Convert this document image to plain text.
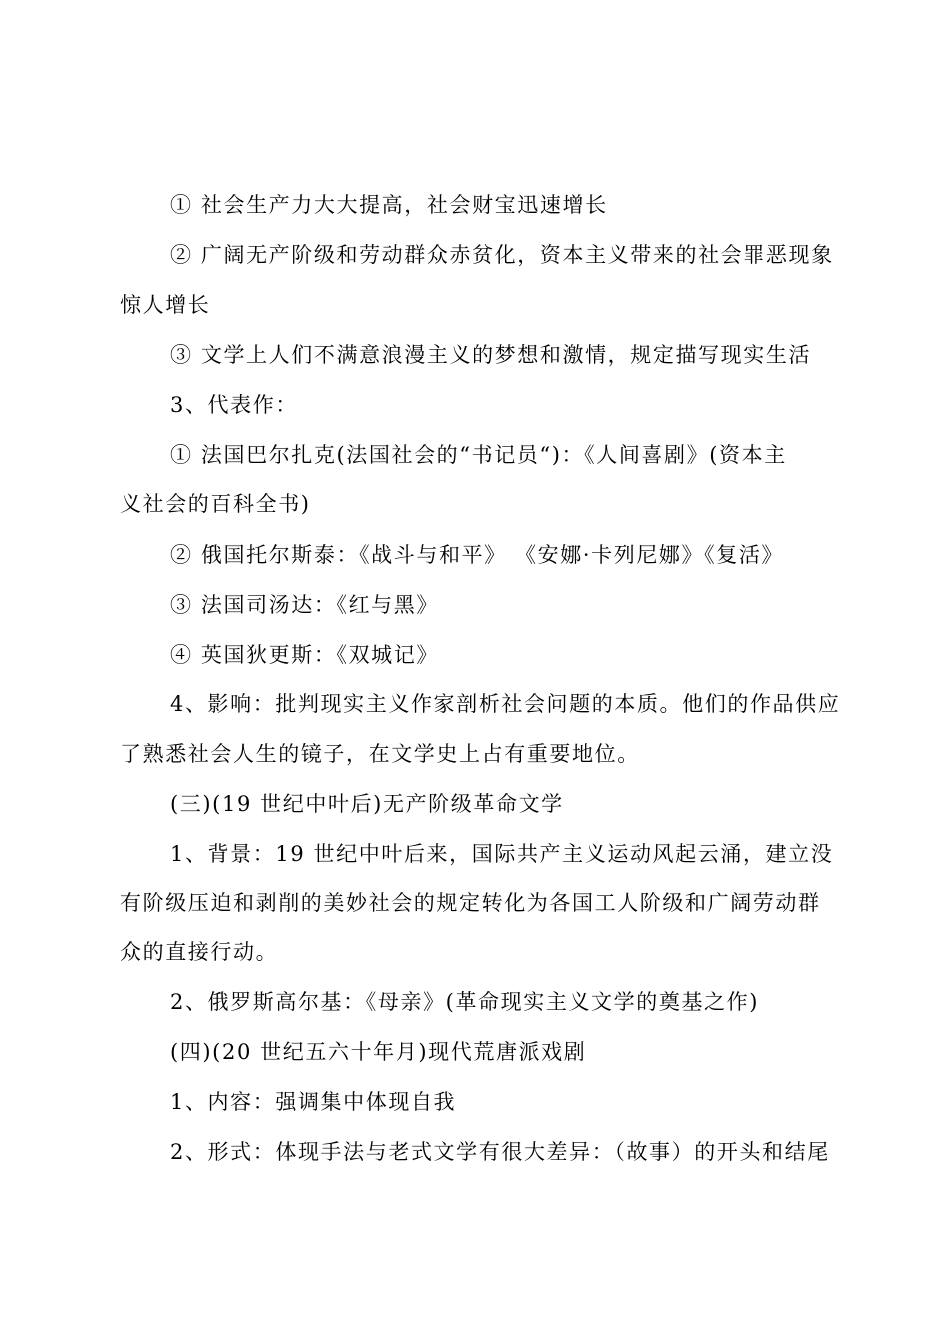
① 社会生产力大大提高，社会财宝迅速增长
② 广阔无产阶级和劳动群众赤贫化，资本主义带来的社会罪恶现象
惊人增长
③ 文学上人们不满意浪漫主义的梦想和激情，规定描写现实生活
3、代表作：
① 法国巴尔扎克(法国社会的“书记员“)：《人间喜剧》(资本主
义社会的百科全书)
② 俄国托尔斯泰：《战斗与和平》 《安娜·卡列尼娜》《复活》
③ 法国司汤达：《红与黑》
④ 英国狄更斯：《双城记》
4、影响：批判现实主义作家剖析社会问题的本质。他们的作品供应
了熟悉社会人生的镜子，在文学史上占有重要地位。
(三)(19 世纪中叶后)无产阶级革命文学
1、背景：19 世纪中叶后来，国际共产主义运动风起云涌，建立没
有阶级压迫和剥削的美妙社会的规定转化为各国工人阶级和广阔劳动群
众的直接行动。
2、俄罗斯高尔基：《母亲》(革命现实主义文学的奠基之作)
(四)(20 世纪五六十年月)现代荒唐派戏剧
1、内容：强调集中体现自我
2、形式：体现手法与老式文学有很大差异：（故事）的开头和结尾
